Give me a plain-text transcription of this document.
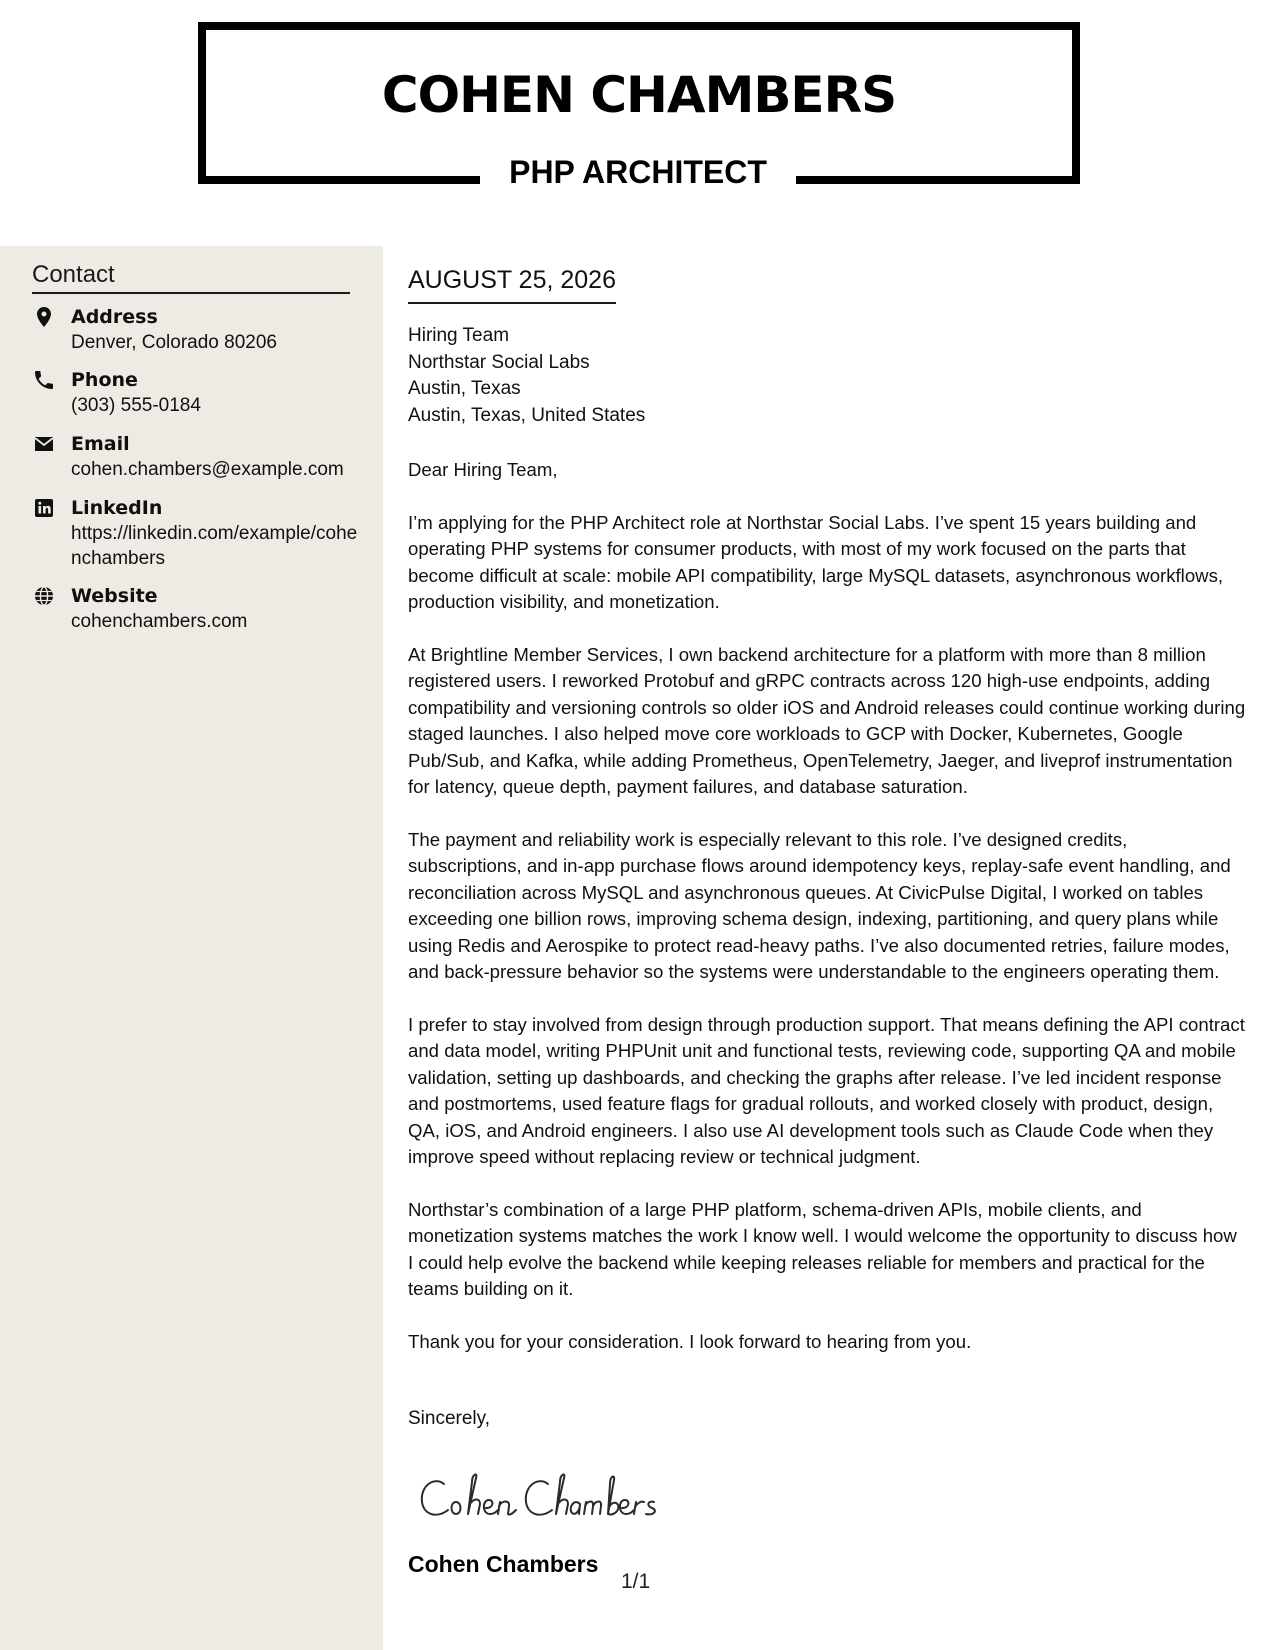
COHEN CHAMBERS
PHP ARCHITECT
Contact
Address
Denver, Colorado 80206
Phone
(303) 555-0184
Email
cohen.chambers@example.com
LinkedIn
https://linkedin.com/example/cohenchambers
Website
cohenchambers.com
AUGUST 25, 2026
Hiring Team
Northstar Social Labs
Austin, Texas
Austin, Texas, United States

Dear Hiring Team,

I’m applying for the PHP Architect role at Northstar Social Labs. I’ve spent 15 years building and operating PHP systems for consumer products, with most of my work focused on the parts that become difficult at scale: mobile API compatibility, large MySQL datasets, asynchronous workflows, production visibility, and monetization.

At Brightline Member Services, I own backend architecture for a platform with more than 8 million registered users. I reworked Protobuf and gRPC contracts across 120 high-use endpoints, adding compatibility and versioning controls so older iOS and Android releases could continue working during staged launches. I also helped move core workloads to GCP with Docker, Kubernetes, Google Pub/Sub, and Kafka, while adding Prometheus, OpenTelemetry, Jaeger, and liveprof instrumentation for latency, queue depth, payment failures, and database saturation.

The payment and reliability work is especially relevant to this role. I’ve designed credits, subscriptions, and in-app purchase flows around idempotency keys, replay-safe event handling, and reconciliation across MySQL and asynchronous queues. At CivicPulse Digital, I worked on tables exceeding one billion rows, improving schema design, indexing, partitioning, and query plans while using Redis and Aerospike to protect read-heavy paths. I’ve also documented retries, failure modes, and back-pressure behavior so the systems were understandable to the engineers operating them.

I prefer to stay involved from design through production support. That means defining the API contract and data model, writing PHPUnit unit and functional tests, reviewing code, supporting QA and mobile validation, setting up dashboards, and checking the graphs after release. I’ve led incident response and postmortems, used feature flags for gradual rollouts, and worked closely with product, design, QA, iOS, and Android engineers. I also use AI development tools such as Claude Code when they improve speed without replacing review or technical judgment.

Northstar’s combination of a large PHP platform, schema-driven APIs, mobile clients, and monetization systems matches the work I know well. I would welcome the opportunity to discuss how I could help evolve the backend while keeping releases reliable for members and practical for the teams building on it.

Thank you for your consideration. I look forward to hearing from you.

Sincerely,
Cohen Chambers
1/1
